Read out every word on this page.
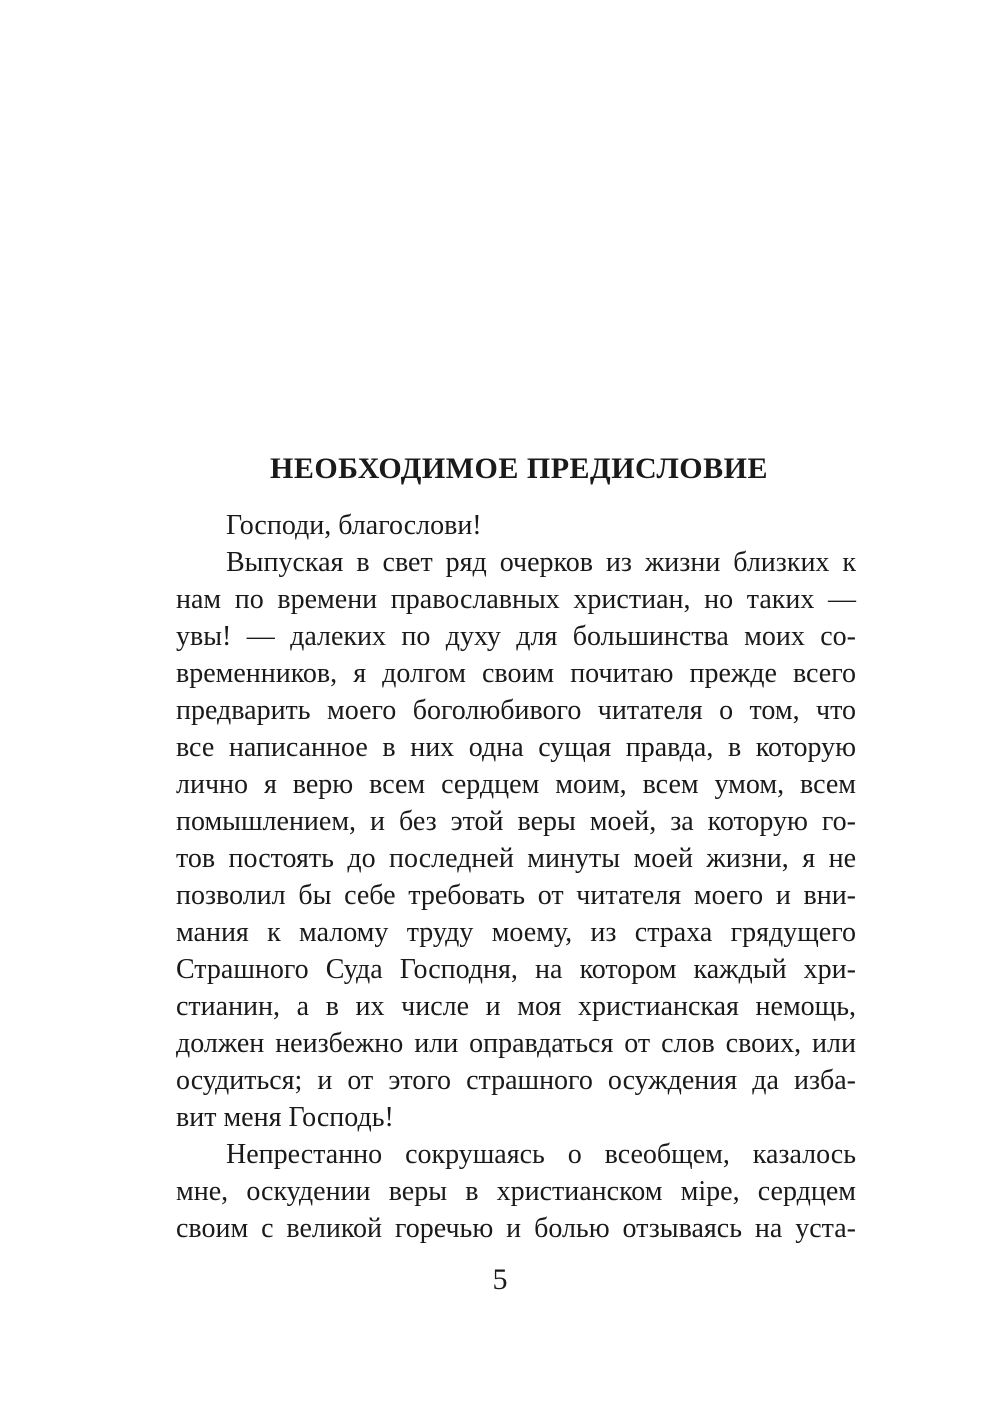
НЕОБХОДИМОЕ ПРЕДИСЛОВИЕ
Господи, благослови!
Выпуская в свет ряд очерков из жизни близких к
нам по времени православных христиан, но таких —
увы! — далеких по духу для большинства моих со-
временников, я долгом своим почитаю прежде всего
предварить моего боголюбивого читателя о том, что
все написанное в них одна сущая правда, в которую
лично я верю всем сердцем моим, всем умом, всем
помышлением, и без этой веры моей, за которую го-
тов постоять до последней минуты моей жизни, я не
позволил бы себе требовать от читателя моего и вни-
мания к малому труду моему, из страха грядущего
Страшного Суда Господня, на котором каждый хри-
стианин, а в их числе и моя христианская немощь,
должен неизбежно или оправдаться от слов своих, или
осудиться; и от этого страшного осуждения да изба-
вит меня Господь!
Непрестанно сокрушаясь о всеобщем, казалось
мне, оскудении веры в христианском міре, сердцем
своим с великой горечью и болью отзываясь на уста-
5
